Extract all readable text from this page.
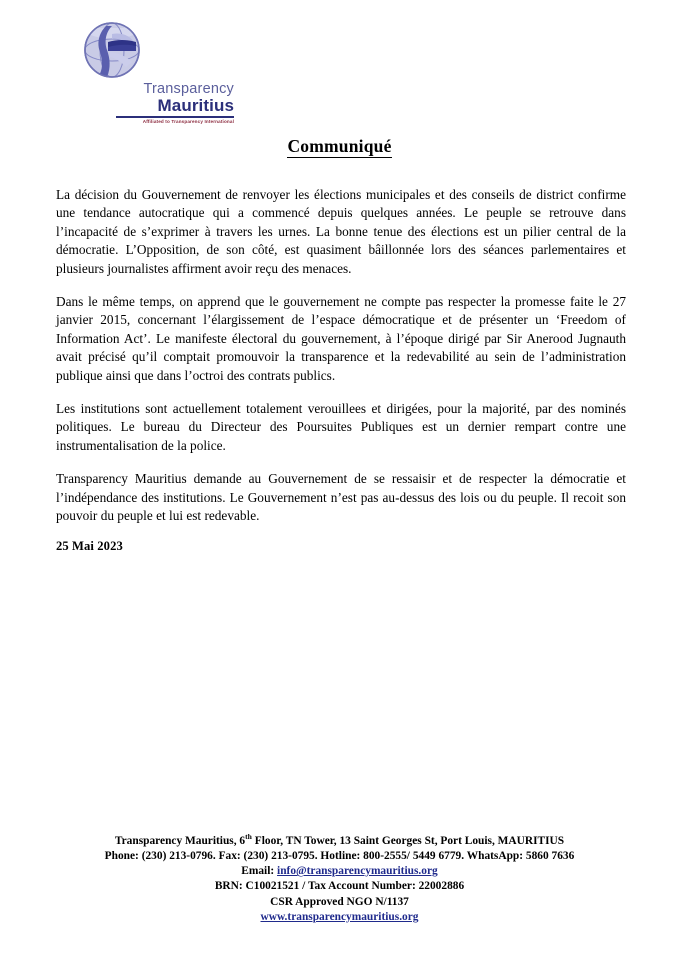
Transparency
Mauritius
Affiliated to Transparency International
Communiqué

La décision du Gouvernement de renvoyer les élections municipales et des conseils de district confirme une tendance autocratique qui a commencé depuis quelques années. Le peuple se retrouve dans l’incapacité de s’exprimer à travers les urnes. La bonne tenue des élections est un pilier central de la démocratie. L’Opposition, de son côté, est quasiment bâillonnée lors des séances parlementaires et plusieurs journalistes affirment avoir reçu des menaces.

Dans le même temps, on apprend que le gouvernement ne compte pas respecter la promesse faite le 27 janvier 2015, concernant l’élargissement de l’espace démocratique et de présenter un ‘Freedom of Information Act’. Le manifeste électoral du gouvernement, à l’époque dirigé par Sir Anerood Jugnauth avait précisé qu’il comptait promouvoir la transparence et la redevabilité au sein de l’administration publique ainsi que dans l’octroi des contrats publics.

Les institutions sont actuellement totalement verouillees et dirigées, pour la majorité, par des nominés politiques. Le bureau du Directeur des Poursuites Publiques est un dernier rempart contre une instrumentalisation de la police.

Transparency Mauritius demande au Gouvernement de se ressaisir et de respecter la démocratie et l’indépendance des institutions. Le Gouvernement n’est pas au-dessus des lois ou du peuple. Il recoit son pouvoir du peuple et lui est redevable.

25 Mai 2023
Transparency Mauritius, 6th Floor, TN Tower, 13 Saint Georges St, Port Louis, MAURITIUS
Phone: (230) 213-0796. Fax: (230) 213-0795. Hotline: 800-2555/ 5449 6779. WhatsApp: 5860 7636
Email: info@transparencymauritius.org
BRN: C10021521 / Tax Account Number: 22002886
CSR Approved NGO N/1137
www.transparencymauritius.org
